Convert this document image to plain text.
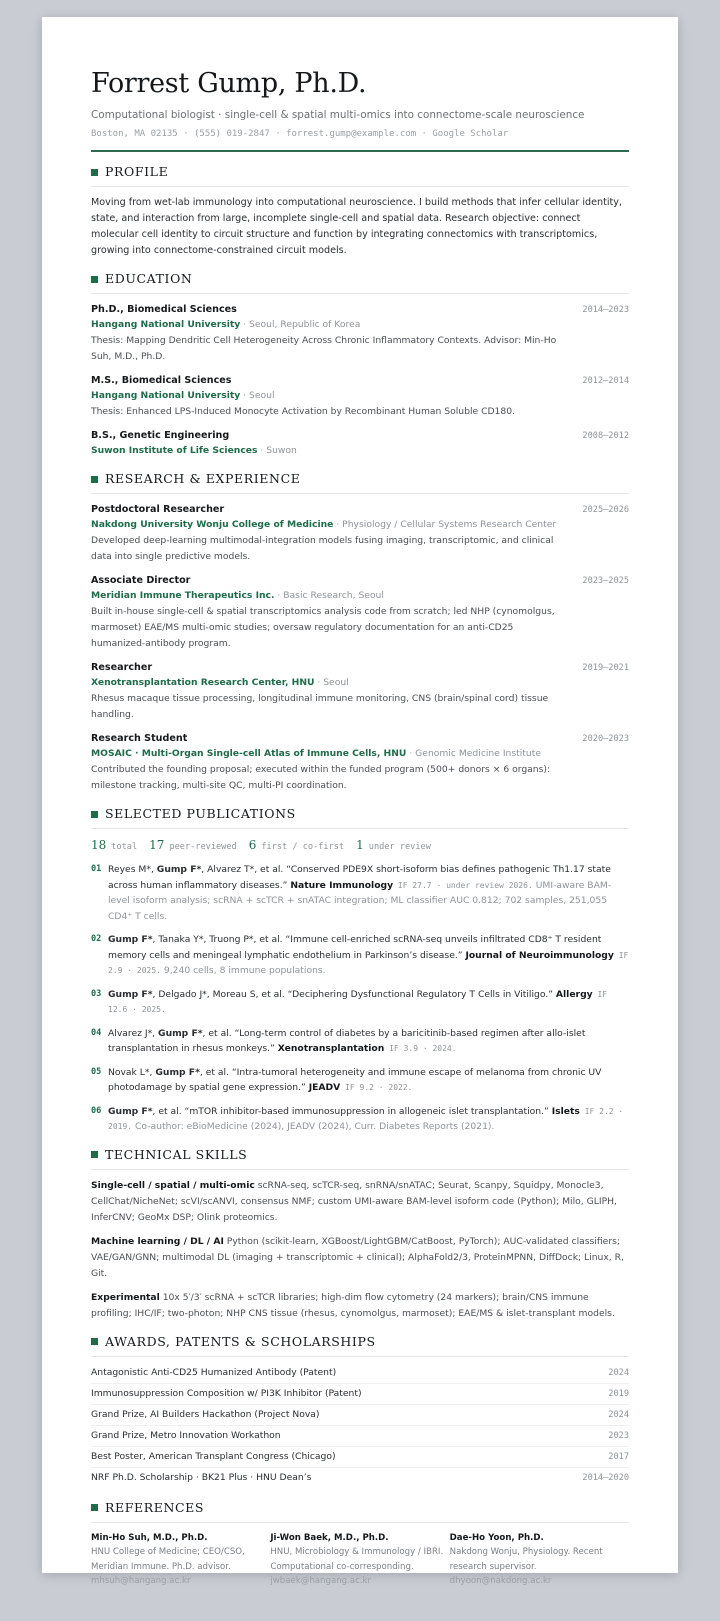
Forrest Gump, Ph.D.
Computational biologist · single-cell & spatial multi-omics into connectome-scale neuroscience
Boston, MA 02135 · (555) 019-2847 · forrest.gump@example.com · Google Scholar
PROFILE
Moving from wet-lab immunology into computational neuroscience. I build methods that infer cellular identity, state, and interaction from large, incomplete single-cell and spatial data. Research objective: connect molecular cell identity to circuit structure and function by integrating connectomics with transcriptomics, growing into connectome-constrained circuit models.
EDUCATION
Ph.D., Biomedical Sciences	2014–2023
Hangang National University · Seoul, Republic of Korea
Thesis: Mapping Dendritic Cell Heterogeneity Across Chronic Inflammatory Contexts. Advisor: Min-Ho Suh, M.D., Ph.D.
M.S., Biomedical Sciences	2012–2014
Hangang National University · Seoul
Thesis: Enhanced LPS-Induced Monocyte Activation by Recombinant Human Soluble CD180.
B.S., Genetic Engineering	2008–2012
Suwon Institute of Life Sciences · Suwon
RESEARCH & EXPERIENCE
Postdoctoral Researcher	2025–2026
Nakdong University Wonju College of Medicine · Physiology / Cellular Systems Research Center
Developed deep-learning multimodal-integration models fusing imaging, transcriptomic, and clinical data into single predictive models.
Associate Director	2023–2025
Meridian Immune Therapeutics Inc. · Basic Research, Seoul
Built in-house single-cell & spatial transcriptomics analysis code from scratch; led NHP (cynomolgus, marmoset) EAE/MS multi-omic studies; oversaw regulatory documentation for an anti-CD25 humanized-antibody program.
Researcher	2019–2021
Xenotransplantation Research Center, HNU · Seoul
Rhesus macaque tissue processing, longitudinal immune monitoring, CNS (brain/spinal cord) tissue handling.
Research Student	2020–2023
MOSAIC · Multi-Organ Single-cell Atlas of Immune Cells, HNU · Genomic Medicine Institute
Contributed the founding proposal; executed within the funded program (500+ donors × 6 organs): milestone tracking, multi-site QC, multi-PI coordination.
SELECTED PUBLICATIONS
18 total 17 peer-reviewed 6 first / co-first 1 under review
01 Reyes M*, Gump F*, Alvarez T*, et al. “Conserved PDE9X short-isoform bias defines pathogenic Th1.17 state across human inflammatory diseases.” Nature Immunology IF 27.7 · under review 2026. UMI-aware BAM-level isoform analysis; scRNA + scTCR + snATAC integration; ML classifier AUC 0.812; 702 samples, 251,055 CD4⁺ T cells.
02 Gump F*, Tanaka Y*, Truong P*, et al. “Immune cell-enriched scRNA-seq unveils infiltrated CD8⁺ T resident memory cells and meningeal lymphatic endothelium in Parkinson’s disease.” Journal of Neuroimmunology IF 2.9 · 2025. 9,240 cells, 8 immune populations.
03 Gump F*, Delgado J*, Moreau S, et al. “Deciphering Dysfunctional Regulatory T Cells in Vitiligo.” Allergy IF 12.6 · 2025.
04 Alvarez J*, Gump F*, et al. “Long-term control of diabetes by a baricitinib-based regimen after allo-islet transplantation in rhesus monkeys.” Xenotransplantation IF 3.9 · 2024.
05 Novak L*, Gump F*, et al. “Intra-tumoral heterogeneity and immune escape of melanoma from chronic UV photodamage by spatial gene expression.” JEADV IF 9.2 · 2022.
06 Gump F*, et al. “mTOR inhibitor-based immunosuppression in allogeneic islet transplantation.” Islets IF 2.2 · 2019. Co-author: eBioMedicine (2024), JEADV (2024), Curr. Diabetes Reports (2021).
TECHNICAL SKILLS
Single-cell / spatial / multi-omic scRNA-seq, scTCR-seq, snRNA/snATAC; Seurat, Scanpy, Squidpy, Monocle3, CellChat/NicheNet; scVI/scANVI, consensus NMF; custom UMI-aware BAM-level isoform code (Python); Milo, GLIPH, InferCNV; GeoMx DSP; Olink proteomics.
Machine learning / DL / AI Python (scikit-learn, XGBoost/LightGBM/CatBoost, PyTorch); AUC-validated classifiers; VAE/GAN/GNN; multimodal DL (imaging + transcriptomic + clinical); AlphaFold2/3, ProteinMPNN, DiffDock; Linux, R, Git.
Experimental 10x 5′/3′ scRNA + scTCR libraries; high-dim flow cytometry (24 markers); brain/CNS immune profiling; IHC/IF; two-photon; NHP CNS tissue (rhesus, cynomolgus, marmoset); EAE/MS & islet-transplant models.
AWARDS, PATENTS & SCHOLARSHIPS
Antagonistic Anti-CD25 Humanized Antibody (Patent)	2024
Immunosuppression Composition w/ PI3K Inhibitor (Patent)	2019
Grand Prize, AI Builders Hackathon (Project Nova)	2024
Grand Prize, Metro Innovation Workathon	2023
Best Poster, American Transplant Congress (Chicago)	2017
NRF Ph.D. Scholarship · BK21 Plus · HNU Dean’s	2014–2020
REFERENCES
Min-Ho Suh, M.D., Ph.D.
HNU College of Medicine; CEO/CSO, Meridian Immune. Ph.D. advisor.
mhsuh@hangang.ac.kr
Ji-Won Baek, M.D., Ph.D.
HNU, Microbiology & Immunology / IBRI. Computational co-corresponding.
jwbaek@hangang.ac.kr
Dae-Ho Yoon, Ph.D.
Nakdong Wonju, Physiology. Recent research supervisor.
dhyoon@nakdong.ac.kr
